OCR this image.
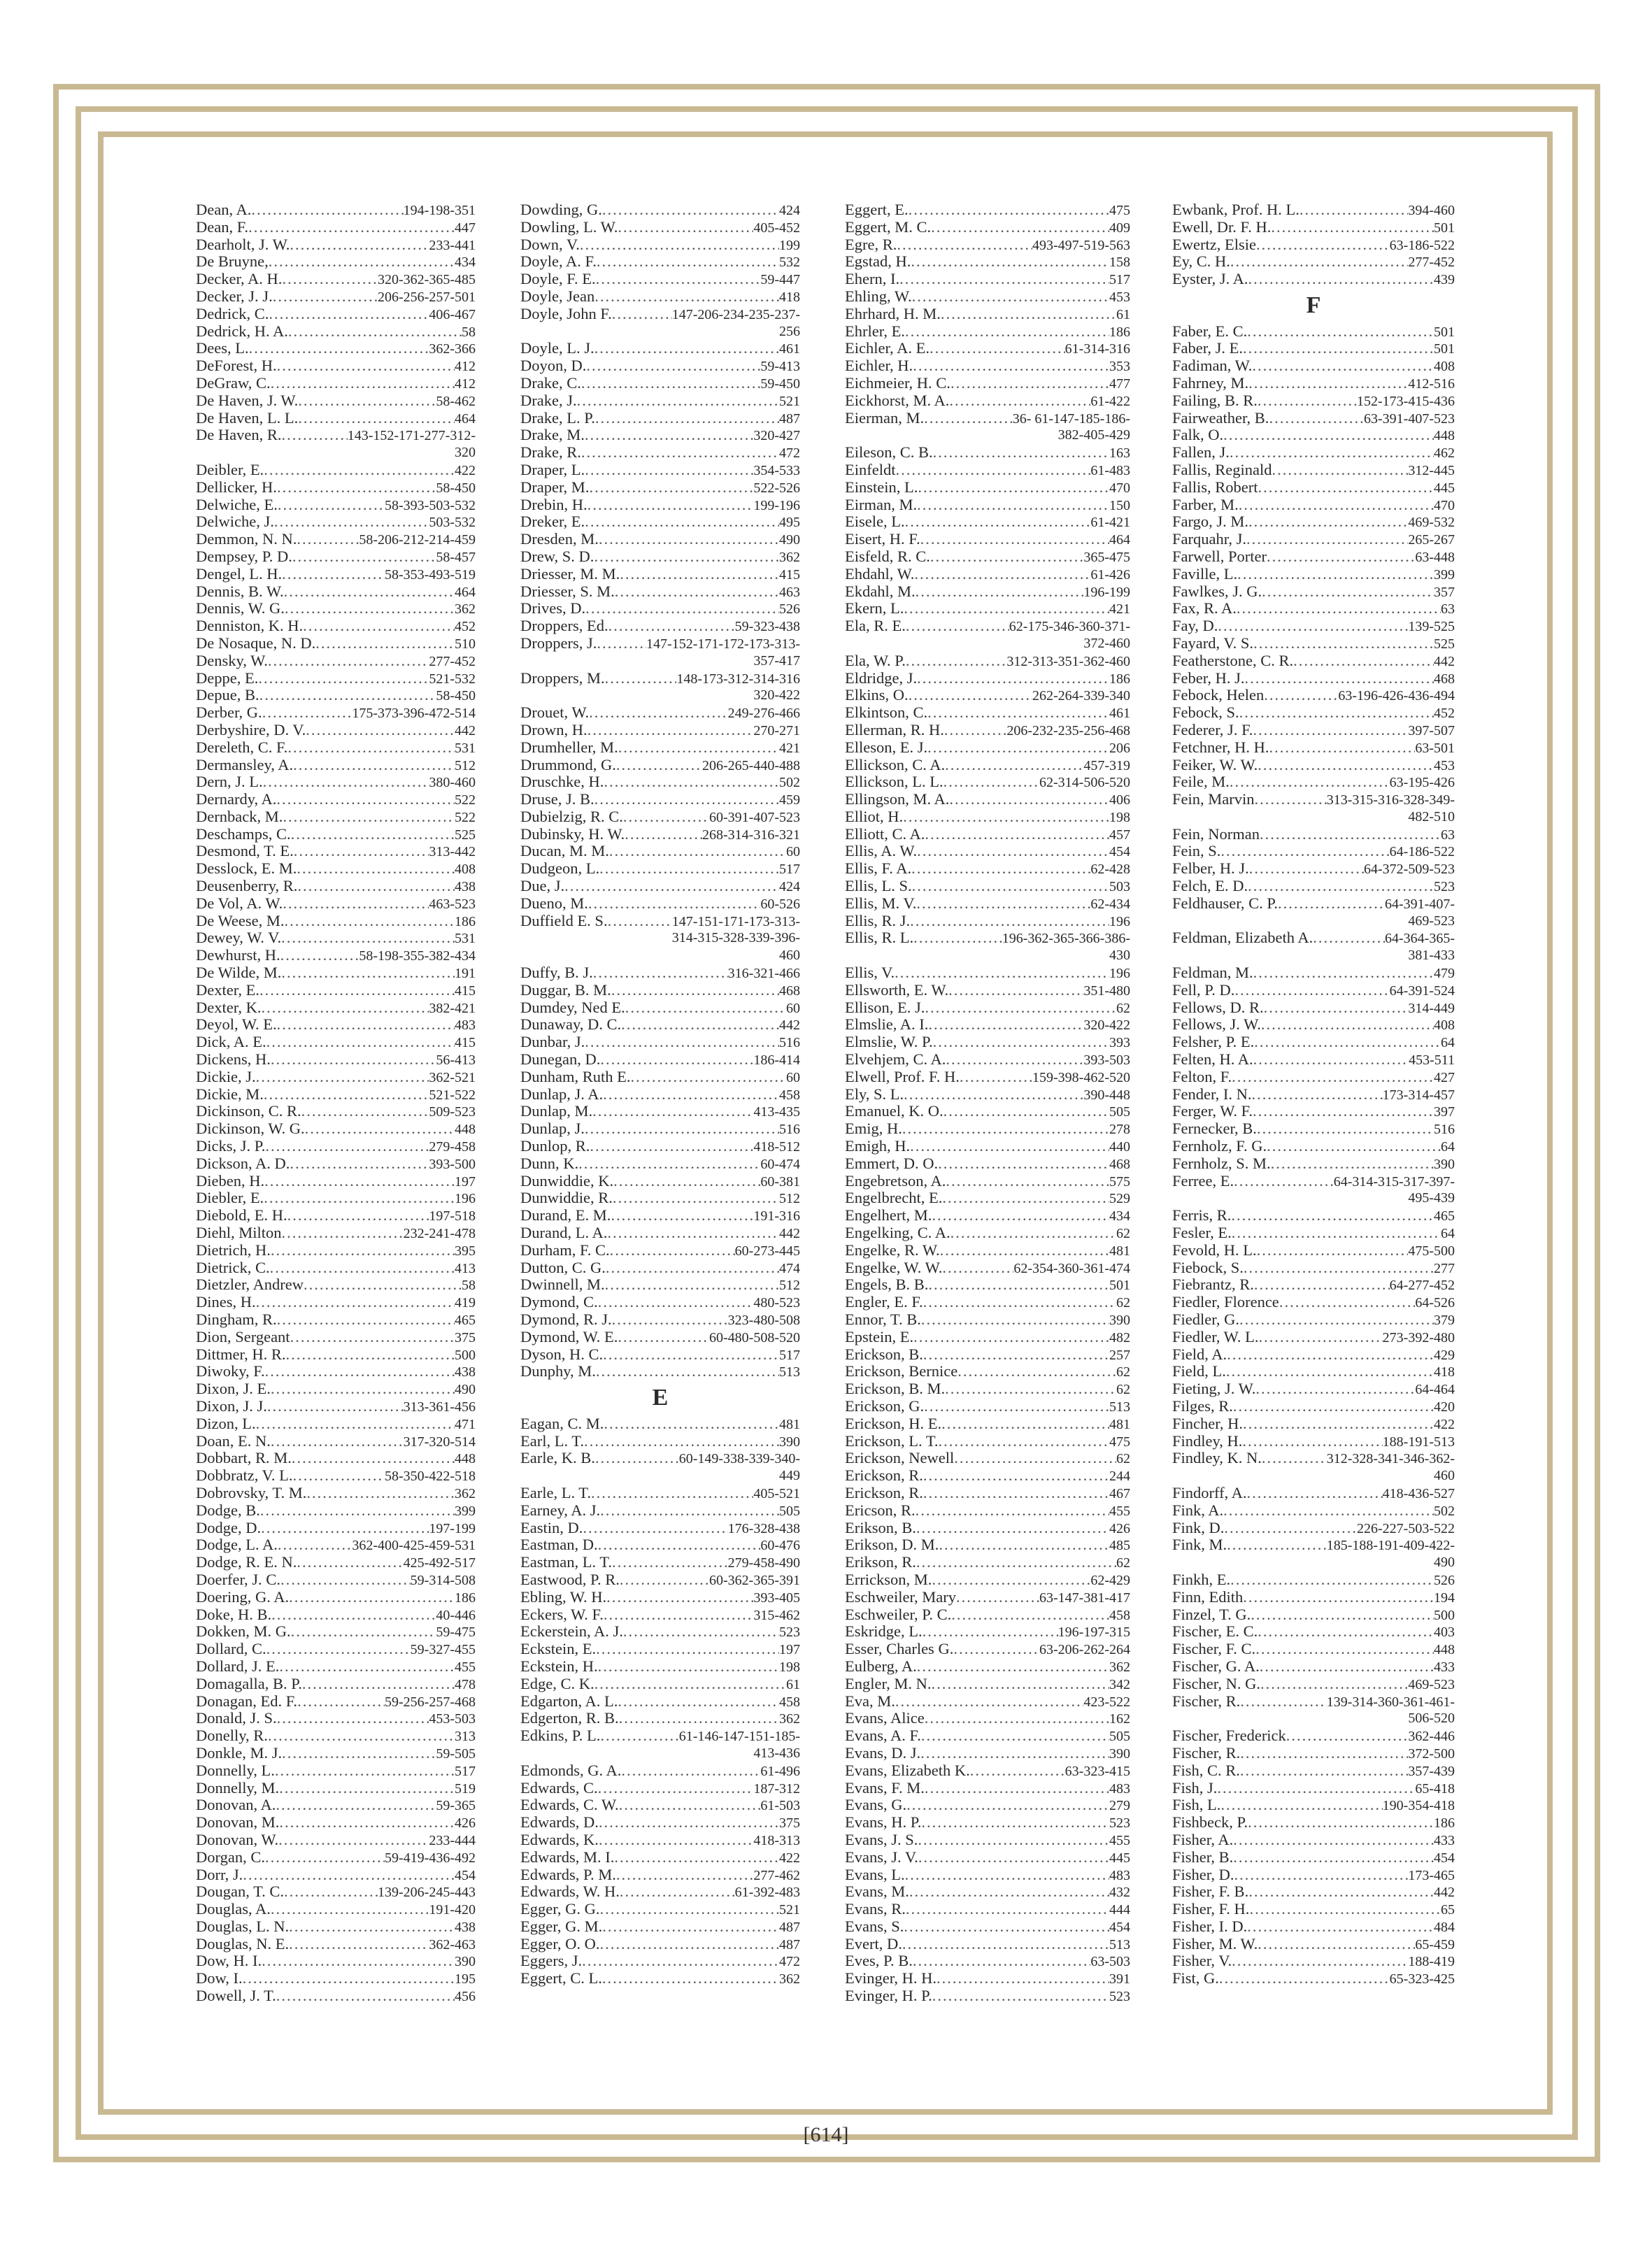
Dean, A. .....	194-198-351
Dean, F. .....	447
Dearholt, J. W. .....	233-441
De Bruyne, .....	434
Decker, A. H. .....	320-362-365-485
Decker, J. J. .....	206-256-257-501
Dedrick, C. .....	406-467
Dedrick, H. A. .....	58
Dees, L. .....	362-366
DeForest, H. .....	412
DeGraw, C. .....	412
De Haven, J. W. .....	58-462
De Haven, L. L. .....	464
De Haven, R. .....	143-152-171-277-312-
320
Deibler, E. .....	422
Dellicker, H. .....	58-450
Delwiche, E. .....	58-393-503-532
Delwiche, J. .....	503-532
Demmon, N. N. .....	58-206-212-214-459
Dempsey, P. D. .....	58-457
Dengel, L. H. .....	58-353-493-519
Dennis, B. W. .....	464
Dennis, W. G. .....	362
Denniston, K. H. .....	452
De Nosaque, N. D. .....	510
Densky, W. .....	277-452
Deppe, E. .....	521-532
Depue, B. .....	58-450
Derber, G. .....	175-373-396-472-514
Derbyshire, D. V. .....	442
Dereleth, C. F. .....	531
Dermansley, A. .....	512
Dern, J. L. .....	380-460
Dernardy, A. .....	522
Dernback, M. .....	522
Deschamps, C. .....	525
Desmond, T. E. .....	313-442
Desslock, E. M. .....	408
Deusenberry, R. .....	438
De Vol, A. W. .....	463-523
De Weese, M. .....	186
Dewey, W. V. .....	531
Dewhurst, H. .....	58-198-355-382-434
De Wilde, M. .....	191
Dexter, E. .....	415
Dexter, K. .....	382-421
Deyol, W. E. .....	483
Dick, A. E. .....	415
Dickens, H. .....	56-413
Dickie, J. .....	362-521
Dickie, M. .....	521-522
Dickinson, C. R. .....	509-523
Dickinson, W. G. .....	448
Dicks, J. P. .....	279-458
Dickson, A. D. .....	393-500
Dieben, H. .....	197
Diebler, E. .....	196
Diebold, E. H. .....	197-518
Diehl, Milton .....	232-241-478
Dietrich, H. .....	395
Dietrick, C. .....	413
Dietzler, Andrew .....	58
Dines, H. .....	419
Dingham, R. .....	465
Dion, Sergeant .....	375
Dittmer, H. R. .....	500
Diwoky, F. .....	438
Dixon, J. E. .....	490
Dixon, J. J. .....	313-361-456
Dizon, L. .....	471
Doan, E. N. .....	317-320-514
Dobbart, R. M. .....	448
Dobbratz, V. L. .....	58-350-422-518
Dobrovsky, T. M. .....	362
Dodge, B. .....	399
Dodge, D. .....	197-199
Dodge, L. A. .....	362-400-425-459-531
Dodge, R. E. N. .....	425-492-517
Doerfer, J. C. .....	59-314-508
Doering, G. A. .....	186
Doke, H. B. .....	40-446
Dokken, M. G. .....	59-475
Dollard, C. .....	59-327-455
Dollard, J. E. .....	455
Domagalla, B. P. .....	478
Donagan, Ed. F. .....	59-256-257-468
Donald, J. S. .....	453-503
Donelly, R. .....	313
Donkle, M. J. .....	59-505
Donnelly, L. .....	517
Donnelly, M. .....	519
Donovan, A. .....	59-365
Donovan, M. .....	426
Donovan, W. .....	233-444
Dorgan, C. .....	59-419-436-492
Dorr, J. .....	454
Dougan, T. C. .....	139-206-245-443
Douglas, A. .....	191-420
Douglas, L. N. .....	438
Douglas, N. E. .....	362-463
Dow, H. I. .....	390
Dow, I. .....	195
Dowell, J. T. .....	456
Dowding, G. .....	424
Dowling, L. W. .....	405-452
Down, V. .....	199
Doyle, A. F. .....	532
Doyle, F. E. .....	59-447
Doyle, Jean .....	418
Doyle, John F. .....	147-206-234-235-237-
256
Doyle, L. J. .....	461
Doyon, D. .....	59-413
Drake, C. .....	59-450
Drake, J. .....	521
Drake, L. P. .....	487
Drake, M. .....	320-427
Drake, R. .....	472
Draper, L. .....	354-533
Draper, M. .....	522-526
Drebin, H. .....	199-196
Dreker, E. .....	495
Dresden, M. .....	490
Drew, S. D. .....	362
Driesser, M. M. .....	415
Driesser, S. M. .....	463
Drives, D. .....	526
Droppers, Ed. .....	59-323-438
Droppers, J. .....	147-152-171-172-173-313-
357-417
Droppers, M. .....	148-173-312-314-316
320-422
Drouet, W. .....	249-276-466
Drown, H. .....	270-271
Drumheller, M. .....	421
Drummond, G. .....	206-265-440-488
Druschke, H. .....	502
Druse, J. B. .....	459
Dubielzig, R. C. .....	60-391-407-523
Dubinsky, H. W. .....	268-314-316-321
Ducan, M. M. .....	60
Dudgeon, L. .....	517
Due, J. .....	424
Dueno, M. .....	60-526
Duffield E. S. .....	147-151-171-173-313-
314-315-328-339-396-
460
Duffy, B. J. .....	316-321-466
Duggar, B. M. .....	468
Dumdey, Ned E. .....	60
Dunaway, D. C. .....	442
Dunbar, J. .....	516
Dunegan, D. .....	186-414
Dunham, Ruth E. .....	60
Dunlap, J. A. .....	458
Dunlap, M. .....	413-435
Dunlap, J. .....	516
Dunlop, R. .....	418-512
Dunn, K. .....	60-474
Dunwiddie, K. .....	60-381
Dunwiddie, R. .....	512
Durand, E. M. .....	191-316
Durand, L. A. .....	442
Durham, F. C. .....	60-273-445
Dutton, C. G. .....	474
Dwinnell, M. .....	512
Dymond, C. .....	480-523
Dymond, R. J. .....	323-480-508
Dymond, W. E. .....	60-480-508-520
Dyson, H. C. .....	517
Dunphy, M. .....	513
E
Eagan, C. M. .....	481
Earl, L. T. .....	390
Earle, K. B. .....	60-149-338-339-340-
449
Earle, L. T. .....	405-521
Earney, A. J. .....	505
Eastin, D. .....	176-328-438
Eastman, D. .....	60-476
Eastman, L. T. .....	279-458-490
Eastwood, P. R. .....	60-362-365-391
Ebling, W. H. .....	393-405
Eckers, W. F. .....	315-462
Eckerstein, A. J. .....	523
Eckstein, E. .....	197
Eckstein, H. .....	198
Edge, C. K. .....	61
Edgarton, A. L. .....	458
Edgerton, R. B. .....	362
Edkins, P. L. .....	61-146-147-151-185-
413-436
Edmonds, G. A. .....	61-496
Edwards, C. .....	187-312
Edwards, C. W. .....	61-503
Edwards, D. .....	375
Edwards, K. .....	418-313
Edwards, M. I. .....	422
Edwards, P. M. .....	277-462
Edwards, W. H. .....	61-392-483
Egger, G. G. .....	521
Egger, G. M. .....	487
Egger, O. O. .....	487
Eggers, J. .....	472
Eggert, C. L. .....	362
Eggert, E. .....	475
Eggert, M. C. .....	409
Egre, R. .....	493-497-519-563
Egstad, H. .....	158
Ehern, I. .....	517
Ehling, W. .....	453
Ehrhard, H. M. .....	61
Ehrler, E. .....	186
Eichler, A. E. .....	61-314-316
Eichler, H. .....	353
Eichmeier, H. C. .....	477
Eickhorst, M. A. .....	61-422
Eierman, M. .....	36- 61-147-185-186-
382-405-429
Eileson, C. B. .....	163
Einfeldt .....	61-483
Einstein, L. .....	470
Eirman, M. .....	150
Eisele, L. .....	61-421
Eisert, H. F. .....	464
Eisfeld, R. C. .....	365-475
Ehdahl, W. .....	61-426
Ekdahl, M. .....	196-199
Ekern, L. .....	421
Ela, R. E. .....	62-175-346-360-371-
372-460
Ela, W. P. .....	312-313-351-362-460
Eldridge, J. .....	186
Elkins, O. .....	262-264-339-340
Elkintson, C. .....	461
Ellerman, R. H. .....	206-232-235-256-468
Elleson, E. J. .....	206
Ellickson, C. A. .....	457-319
Ellickson, L. L. .....	62-314-506-520
Ellingson, M. A. .....	406
Elliot, H. .....	198
Elliott, C. A. .....	457
Ellis, A. W. .....	454
Ellis, F. A. .....	62-428
Ellis, L. S. .....	503
Ellis, M. V. .....	62-434
Ellis, R. J. .....	196
Ellis, R. L. .....	196-362-365-366-386-
430
Ellis, V. .....	196
Ellsworth, E. W. .....	351-480
Ellison, E. J. .....	62
Elmslie, A. I. .....	320-422
Elmslie, W. P. .....	393
Elvehjem, C. A. .....	393-503
Elwell, Prof. F. H. .....	159-398-462-520
Ely, S. L. .....	390-448
Emanuel, K. O. .....	505
Emig, H. .....	278
Emigh, H. .....	440
Emmert, D. O. .....	468
Engebretson, A. .....	575
Engelbrecht, E. .....	529
Engelhert, M. .....	434
Engelking, C. A. .....	62
Engelke, R. W. .....	481
Engelke, W. W. .....	62-354-360-361-474
Engels, B. B. .....	501
Engler, E. F. .....	62
Ennor, T. B. .....	390
Epstein, E. .....	482
Erickson, B. .....	257
Erickson, Bernice .....	62
Erickson, B. M. .....	62
Erickson, G. .....	513
Erickson, H. E. .....	481
Erickson, L. T. .....	475
Erickson, Newell .....	62
Erickson, R. .....	244
Erickson, R. .....	467
Ericson, R. .....	455
Erikson, B. .....	426
Erikson, D. M. .....	485
Erikson, R. .....	62
Errickson, M. .....	62-429
Eschweiler, Mary .....	63-147-381-417
Eschweiler, P. C. .....	458
Eskridge, L. .....	196-197-315
Esser, Charles G. .....	63-206-262-264
Eulberg, A. .....	362
Engler, M. N. .....	342
Eva, M. .....	423-522
Evans, Alice .....	162
Evans, A. F. .....	505
Evans, D. J. .....	390
Evans, Elizabeth K. .....	63-323-415
Evans, F. M. .....	483
Evans, G. .....	279
Evans, H. P. .....	523
Evans, J. S. .....	455
Evans, J. V. .....	445
Evans, L. .....	483
Evans, M. .....	432
Evans, R. .....	444
Evans, S. .....	454
Evert, D. .....	513
Eves, P. B. .....	63-503
Evinger, H. H. .....	391
Evinger, H. P. .....	523
Ewbank, Prof. H. L. .....	394-460
Ewell, Dr. F. H. .....	501
Ewertz, Elsie .....	63-186-522
Ey, C. H. .....	277-452
Eyster, J. A. .....	439
F
Faber, E. C. .....	501
Faber, J. E. .....	501
Fadiman, W. .....	408
Fahrney, M. .....	412-516
Failing, B. R. .....	152-173-415-436
Fairweather, B. .....	63-391-407-523
Falk, O. .....	448
Fallen, J. .....	462
Fallis, Reginald .....	312-445
Fallis, Robert .....	445
Farber, M. .....	470
Fargo, J. M. .....	469-532
Farquahr, J. .....	265-267
Farwell, Porter .....	63-448
Faville, L. .....	399
Fawlkes, J. G. .....	357
Fax, R. A. .....	63
Fay, D. .....	139-525
Fayard, V. S. .....	525
Featherstone, C. R. .....	442
Feber, H. J. .....	468
Febock, Helen .....	63-196-426-436-494
Febock, S. .....	452
Federer, J. F. .....	397-507
Fetchner, H. H. .....	63-501
Feiker, W. W. .....	453
Feile, M. .....	63-195-426
Fein, Marvin .....	313-315-316-328-349-
482-510
Fein, Norman .....	63
Fein, S. .....	64-186-522
Felber, H. J. .....	64-372-509-523
Felch, E. D. .....	523
Feldhauser, C. P. .....	64-391-407-
469-523
Feldman, Elizabeth A. .....	64-364-365-
381-433
Feldman, M. .....	479
Fell, P. D. .....	64-391-524
Fellows, D. R. .....	314-449
Fellows, J. W. .....	408
Felsher, P. E. .....	64
Felten, H. A. .....	453-511
Felton, F. .....	427
Fender, I. N. .....	173-314-457
Ferger, W. F. .....	397
Fernecker, B. .....	516
Fernholz, F. G. .....	64
Fernholz, S. M. .....	390
Ferree, E. .....	64-314-315-317-397-
495-439
Ferris, R. .....	465
Fesler, E. .....	64
Fevold, H. L. .....	475-500
Fiebock, S. .....	277
Fiebrantz, R. .....	64-277-452
Fiedler, Florence .....	64-526
Fiedler, G. .....	379
Fiedler, W. L. .....	273-392-480
Field, A. .....	429
Field, L. .....	418
Fieting, J. W. .....	64-464
Filges, R. .....	420
Fincher, H. .....	422
Findley, H. .....	188-191-513
Findley, K. N. .....	312-328-341-346-362-
460
Findorff, A. .....	418-436-527
Fink, A. .....	502
Fink, D. .....	226-227-503-522
Fink, M. .....	185-188-191-409-422-
490
Finkh, E. .....	526
Finn, Edith .....	194
Finzel, T. G. .....	500
Fischer, E. C. .....	403
Fischer, F. C. .....	448
Fischer, G. A. .....	433
Fischer, N. G. .....	469-523
Fischer, R. .....	139-314-360-361-461-
506-520
Fischer, Frederick .....	362-446
Fischer, R. .....	372-500
Fish, C. R. .....	357-439
Fish, J. .....	65-418
Fish, L. .....	190-354-418
Fishbeck, P. .....	186
Fisher, A. .....	433
Fisher, B. .....	454
Fisher, D. .....	173-465
Fisher, F. B. .....	442
Fisher, F. H. .....	65
Fisher, I. D. .....	484
Fisher, M. W. .....	65-459
Fisher, V. .....	188-419
Fist, G. .....	65-323-425
[614]
